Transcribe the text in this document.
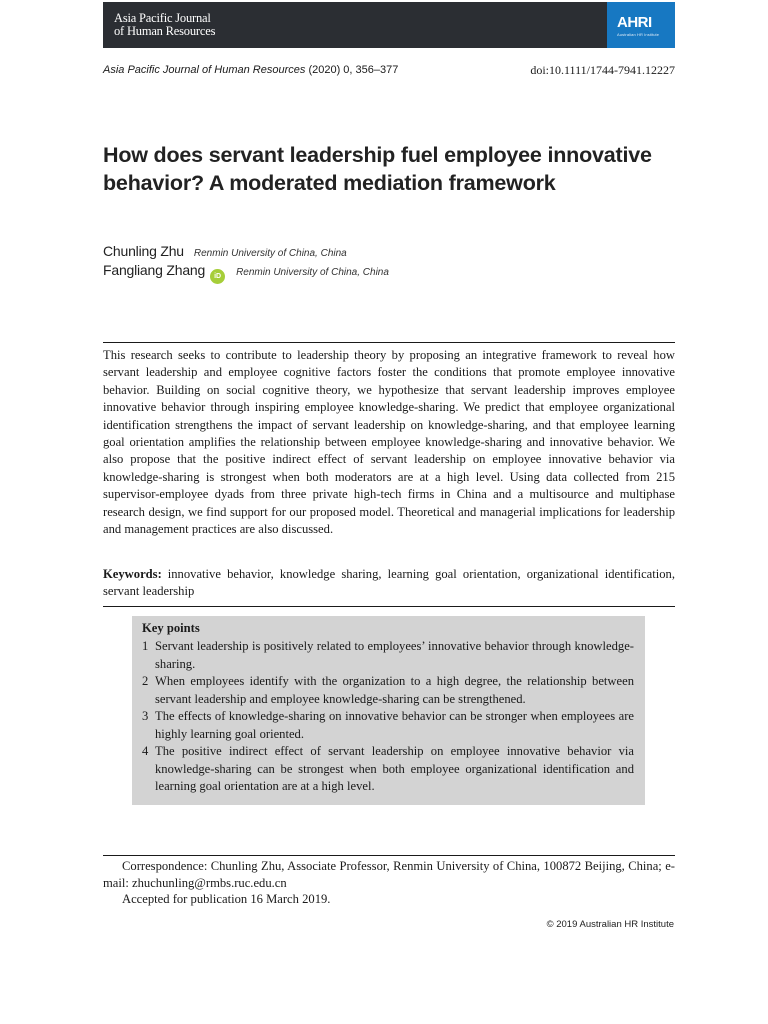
Asia Pacific Journal
of Human Resources	AHRI
Australian HR Institute
Asia Pacific Journal of Human Resources (2020) 0, 356–377	doi:10.1111/1744-7941.12227
How does servant leadership fuel employee innovative behavior? A moderated mediation framework
Chunling Zhu Renmin University of China, China
Fangliang Zhang iD Renmin University of China, China

This research seeks to contribute to leadership theory by proposing an integrative framework to reveal how servant leadership and employee cognitive factors foster the conditions that promote employee innovative behavior. Building on social cognitive theory, we hypothesize that servant leadership improves employee innovative behavior through inspiring employee knowledge-sharing. We predict that employee organizational identification strengthens the impact of servant leadership on knowledge-sharing, and that employee learning goal orientation amplifies the relationship between employee knowledge-sharing and innovative behavior. We also propose that the positive indirect effect of servant leadership on employee innovative behavior via knowledge-sharing is strongest when both moderators are at a high level. Using data collected from 215 supervisor-employee dyads from three private high-tech firms in China and a multisource and multiphase research design, we find support for our proposed model. Theoretical and managerial implications for leadership and management practices are also discussed.

Keywords: innovative behavior, knowledge sharing, learning goal orientation, organizational identification, servant leadership

Key points
1 Servant leadership is positively related to employees’ innovative behavior through knowledge-sharing.
2 When employees identify with the organization to a high degree, the relationship between servant leadership and employee knowledge-sharing can be strengthened.
3 The effects of knowledge-sharing on innovative behavior can be stronger when employees are highly learning goal oriented.
4 The positive indirect effect of servant leadership on employee innovative behavior via knowledge-sharing can be strongest when both employee organizational identification and learning goal orientation are at a high level.

Correspondence: Chunling Zhu, Associate Professor, Renmin University of China, 100872 Beijing, China; e-mail: zhuchunling@rmbs.ruc.edu.cn

Accepted for publication 16 March 2019.
© 2019 Australian HR Institute
